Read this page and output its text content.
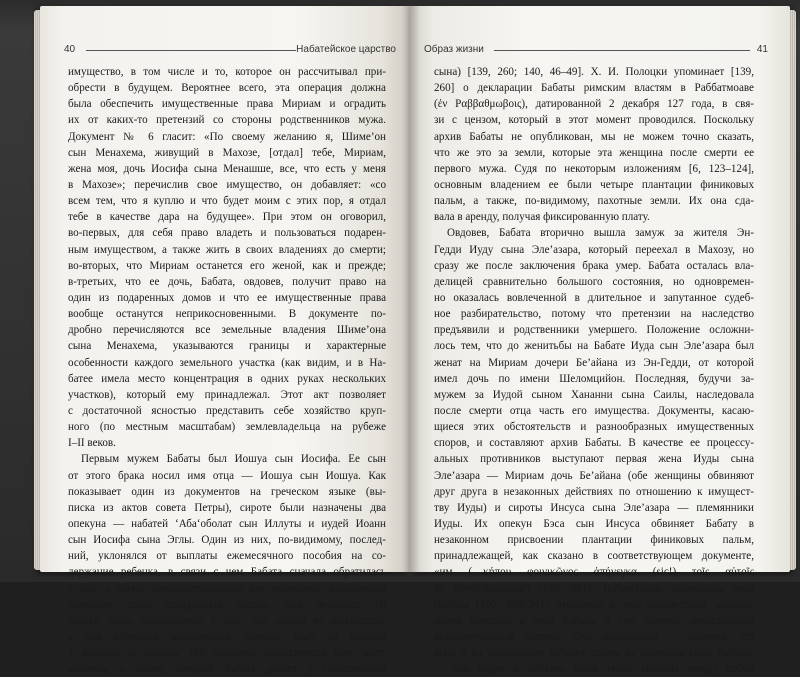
40	Набатейское царство
имущество, в том числе и то, которое он рассчитывал при-
обрести в будущем. Вероятнее всего, эта операция должна
была обеспечить имущественные права Мириам и оградить
их от каких-то претензий со стороны родственников мужа.
Документ № 6 гласит: «По своему желанию я, Шиме’он
сын Менахема, живущий в Махозе, [отдал] тебе, Мириам,
жена моя, дочь Иосифа сына Менашше, все, что есть у меня
в Махозе»; перечислив свое имущество, он добавляет: «со
всем тем, что я куплю и что будет моим с этих пор, я отдал
тебе в качестве дара на будущее». При этом он оговорил,
во-первых, для себя право владеть и пользоваться подарен-
ным имуществом, а также жить в своих владениях до смерти;
во-вторых, что Мириам останется его женой, как и прежде;
в-третьих, что ее дочь, Бабата, овдовев, получит право на
один из подаренных домов и что ее имущественные права
вообще останутся неприкосновенными. В документе по-
дробно перечисляются все земельные владения Шиме’она
сына Менахема, указываются границы и характерные
особенности каждого земельного участка (как видим, и в На-
батее имела место концентрация в одних руках нескольких
участков), который ему принадлежал. Этот акт позволяет
с достаточной ясностью представить себе хозяйство круп-
ного (по местным масштабам) землевладельца на рубеже
I–II веков.
Первым мужем Бабаты был Иошуа сын Иосифа. Ее сын
от этого брака носил имя отца — Иошуа сын Иошуа. Как
показывает один из документов на греческом языке (вы-
писка из актов совета Петры), сироте были назначены два
опекуна — набатей ‘Аба‘оболат сын Иллуты и иудей Иоанн
сын Иосифа сына Эглы. Один из них, по-видимому, послед-
ний, уклонялся от выплаты ежемесячного пособия на со-
держание ребенка, в связи с чем Бабата сначала обратилась
в суд, а затем, неудовлетворенная его решением, предложила
опекунам свою следующую сделку: они передают ей
деньги сына, находящиеся у них, под заклад ее имущества,
а она обязуется выплачивать опекуну рост из расчета
1 динария за каждые 100 динариев (практически речь идет,
конечно, о займе, который Бабата делает у собственного
Образ жизни	41
сына) [139, 260; 140, 46–49]. Х. И. Полоцки упоминает [139,
260] о декларации Бабаты римским властям в Раббатмоаве
(ἐν Ραββαθμωβοις), датированной 2 декабря 127 года, в свя-
зи с цензом, который в этот момент проводился. Поскольку
архив Бабаты не опубликован, мы не можем точно сказать,
что же это за земли, которые эта женщина после смерти ее
первого мужа. Судя по некоторым изложениям [6, 123–124],
основным владением ее были четыре плантации финиковых
пальм, а также, по-видимому, пахотные земли. Их она сда-
вала в аренду, получая фиксированную плату.
Овдовев, Бабата вторично вышла замуж за жителя Эн-
Гедди Иуду сына Эле’азара, который переехал в Махозу, но
сразу же после заключения брака умер. Бабата осталась вла-
делицей сравнительно большого состояния, но одновремен-
но оказалась вовлеченной в длительное и запутанное судеб-
ное разбирательство, потому что претензии на наследство
предъявили и родственники умершего. Положение осложни-
лось тем, что до женитьбы на Бабате Иуда сын Эле’азара был
женат на Мириам дочери Бе’айана из Эн-Гедди, от которой
имел дочь по имени Шеломцийон. Последняя, будучи за-
мужем за Иудой сыном Хананни сына Саилы, наследовала
после смерти отца часть его имущества. Документы, касаю-
щиеся этих обстоятельств и разнообразных имущественных
споров, и составляют архив Бабаты. В качестве ее процессу-
альных противников выступают первая жена Иуды сына
Эле’азара — Мириам дочь Бе’айана (обе женщины обвиняют
друг друга в незаконных действиях по отношению к имущест-
тву Иуды) и сироты Инсуса сына Эле’азара — племянники
Иуды. Их опекун Бэса сын Инсуса обвиняет Бабату в
незаконном присвоении плантации финиковых пальм,
принадлежащей, как сказано в соответствующем документе,
«им (…κήπου φοινικῶνος ἀπήνεγκα (sic!) τοῖς αὐτοῖς
ὀν βία<ι>διοκρατίς) [139, 261]. Набатейские документы этой
группы [190, 238–241] относятся к тем имуществам, которые
позже перешли в руки Бабаты и уже поэтому представляли
исключительный интерес. Они показывают — впрочем, это
ясно и из упоминания набатея одним из опекунов сына Бабаты,
— что иудеи и набатеи были тесно связаны между собой
